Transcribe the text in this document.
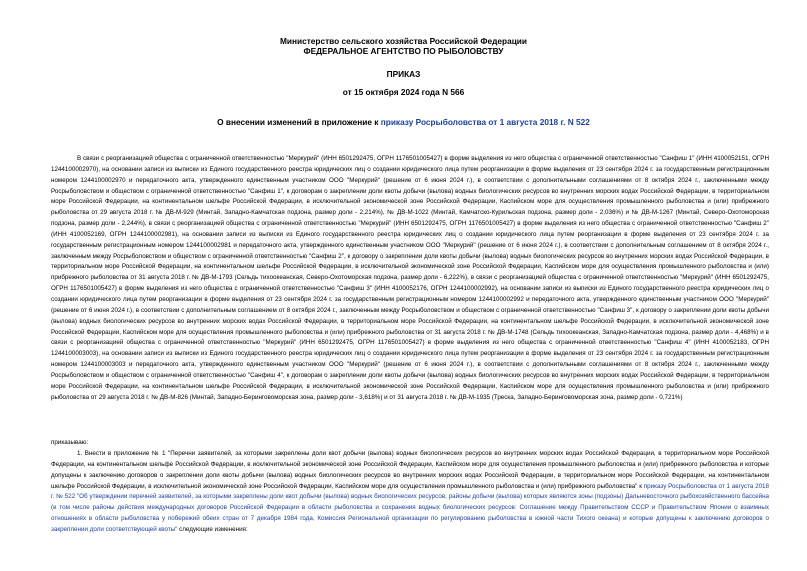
Министерство сельского хозяйства Российской Федерации
ФЕДЕРАЛЬНОЕ АГЕНТСТВО ПО РЫБОЛОВСТВУ
ПРИКАЗ
от 15 октября 2024 года N 566
О внесении изменений в приложение к приказу Росрыболовства от 1 августа 2018 г. N 522
В связи с реорганизацией общества с ограниченной ответственностью "Меркурий" (ИНН 6501292475, ОГРН 1176501005427) в форме выделения из него общества с ограниченной ответственностью "Санфиш 1" (ИНН 4100052151, ОГРН 1244100002970), на основании записи из выписки из Единого государственного реестра юридических лиц о создании юридического лица путем реорганизации в форме выделения от 23 сентября 2024 г. за государственным регистрационным номером 1244100002970 и передаточного акта, утвержденного единственным участником ООО "Меркурий" (решение от 6 июня 2024 г.), в соответствии с дополнительными соглашениями от 8 октября 2024 г., заключенными между Росрыболовством и обществом с ограниченной ответственностью "Санфиш 1", к договорам о закреплении доли квоты добычи (вылова) водных биологических ресурсов во внутренних морских водах Российской Федерации, в территориальном море Российской Федерации, на континентальном шельфе Российской Федерации, в исключительной экономической зоне Российской Федерации, Каспийском море для осуществления промышленного рыболовства и (или) прибрежного рыболовства от 29 августа 2018 г. № ДВ-М-929 (Минтай, Западно-Камчатская подзона, размер доли - 2,214%), № ДВ-М-1022 (Минтай, Камчатско-Курильская подзона, размер доли - 2,036%) и № ДВ-М-1267 (Минтай, Северо-Охотоморская подзона, размер доли - 2,244%), в связи с реорганизацией общества с ограниченной ответственностью "Меркурий" (ИНН 6501292475, ОГРН 1176501005427) в форме выделения из него общества с ограниченной ответственностью "Санфиш 2" (ИНН 4100052169, ОГРН 1244100002981), на основании записи из выписки из Единого государственного реестра юридических лиц о создании юридического лица путем реорганизации в форме выделения от 23 сентября 2024 г. за государственным регистрационным номером 1244100002981 и передаточного акта, утвержденного единственным участником ООО "Меркурий" (решение от 6 июня 2024 г.), в соответствии с дополнительным соглашением от 8 октября 2024 г., заключенным между Росрыболовством и обществом с ограниченной ответственностью "Санфиш 2", к договору о закреплении доли квоты добычи (вылова) водных биологических ресурсов во внутренних морских водах Российской Федерации, в территориальном море Российской Федерации, на континентальном шельфе Российской Федерации, в исключительной экономической зоне Российской Федерации, Каспийском море для осуществления промышленного рыболовства и (или) прибрежного рыболовства от 31 августа 2018 г. № ДВ-М-1793 (Сельдь тихоокеанская, Северо-Охотоморская подзона, размер доли - 6,222%), в связи с реорганизацией общества с ограниченной ответственностью "Меркурий" (ИНН 6501292475, ОГРН 1176501005427) в форме выделения из него общества с ограниченной ответственностью "Санфиш 3" (ИНН 4100052176, ОГРН 1244100002992), на основании записи из выписки из Единого государственного реестра юридических лиц о создании юридического лица путем реорганизации в форме выделения от 23 сентября 2024 г. за государственным регистрационным номером 1244100002992 и передаточного акта, утвержденного единственным участником ООО "Меркурий" (решение от 6 июня 2024 г.), в соответствии с дополнительным соглашением от 8 октября 2024 г., заключенным между Росрыболовством и обществом с ограниченной ответственностью "Санфиш 3", к договору о закреплении доли квоты добычи (вылова) водных биологических ресурсов во внутренних морских водах Российской Федерации, в территориальном море Российской Федерации, на континентальном шельфе Российской Федерации, в исключительной экономической зоне Российской Федерации, Каспийском море для осуществления промышленного рыболовства и (или) прибрежного рыболовства от 31 августа 2018 г. № ДВ-М-1748 (Сельдь тихоокеанская, Западно-Камчатская подзона, размер доли - 4,468%) и в связи с реорганизацией общества с ограниченной ответственностью "Меркурий" (ИНН 6501292475, ОГРН 1176501005427) в форме выделения из него общества с ограниченной ответственностью "Санфиш 4" (ИНН 4100052183, ОГРН 1244100003003), на основании записи из выписки из Единого государственного реестра юридических лиц о создании юридического лица путем реорганизации в форме выделения от 23 сентября 2024 г. за государственным регистрационным номером 1244100003003 и передаточного акта, утвержденного единственным участником ООО "Меркурий" (решение от 6 июня 2024 г.), в соответствии с дополнительными соглашениями от 8 октября 2024 г., заключенными между Росрыболовством и обществом с ограниченной ответственностью "Санфиш 4", к договорам о закреплении доли квоты добычи (вылова) водных биологических ресурсов во внутренних морских водах Российской Федерации, в территориальном море Российской Федерации, на континентальном шельфе Российской Федерации, в исключительной экономической зоне Российской Федерации, Каспийском море для осуществления промышленного рыболовства и (или) прибрежного рыболовства от 29 августа 2018 г. № ДВ-М-826 (Минтай, Западно-Беринговоморская зона, размер доли - 3,618%) и от 31 августа 2018 г. № ДВ-М-1935 (Треска, Западно-Беринговоморская зона, размер доли - 0,721%)
приказываю:
1. Внести в приложение № 1 "Перечни заявителей, за которыми закреплены доли квот добычи (вылова) водных биологических ресурсов во внутренних морских водах Российской Федерации, в территориальном море Российской Федерации, на континентальном шельфе Российской Федерации, в исключительной экономической зоне Российской Федерации, Каспийском море для осуществления промышленного рыболовства и (или) прибрежного рыболовства и которые допущены к заключению договоров о закреплении доли квоты добычи (вылова) водных биологических ресурсов во внутренних морских водах Российской Федерации, в территориальном море Российской Федерации, на континентальном шельфе Российской Федерации, в исключительной экономической зоне Российской Федерации, Каспийском море для осуществления промышленного рыболовства и (или) прибрежного рыболовства" к приказу Росрыболовства от 1 августа 2018 г. № 522 "Об утверждении перечней заявителей, за которыми закреплены доли квот добычи (вылова) водных биологических ресурсов, районы добычи (вылова) которых являются зоны (подзоны) Дальневосточного рыбохозяйственного бассейна (в том числе районы действия международных договоров Российской Федерации в области рыболовства и сохранения водных биологических ресурсов: Соглашение между Правительством СССР и Правительством Японии о взаимных отношениях в области рыболовства у побережий обеих стран от 7 декабря 1984 года, Комиссия Региональной организации по регулированию рыболовства в южной части Тихого океана) и которые допущены к заключению договоров о закреплении доли соответствующей квоты" следующие изменения:
